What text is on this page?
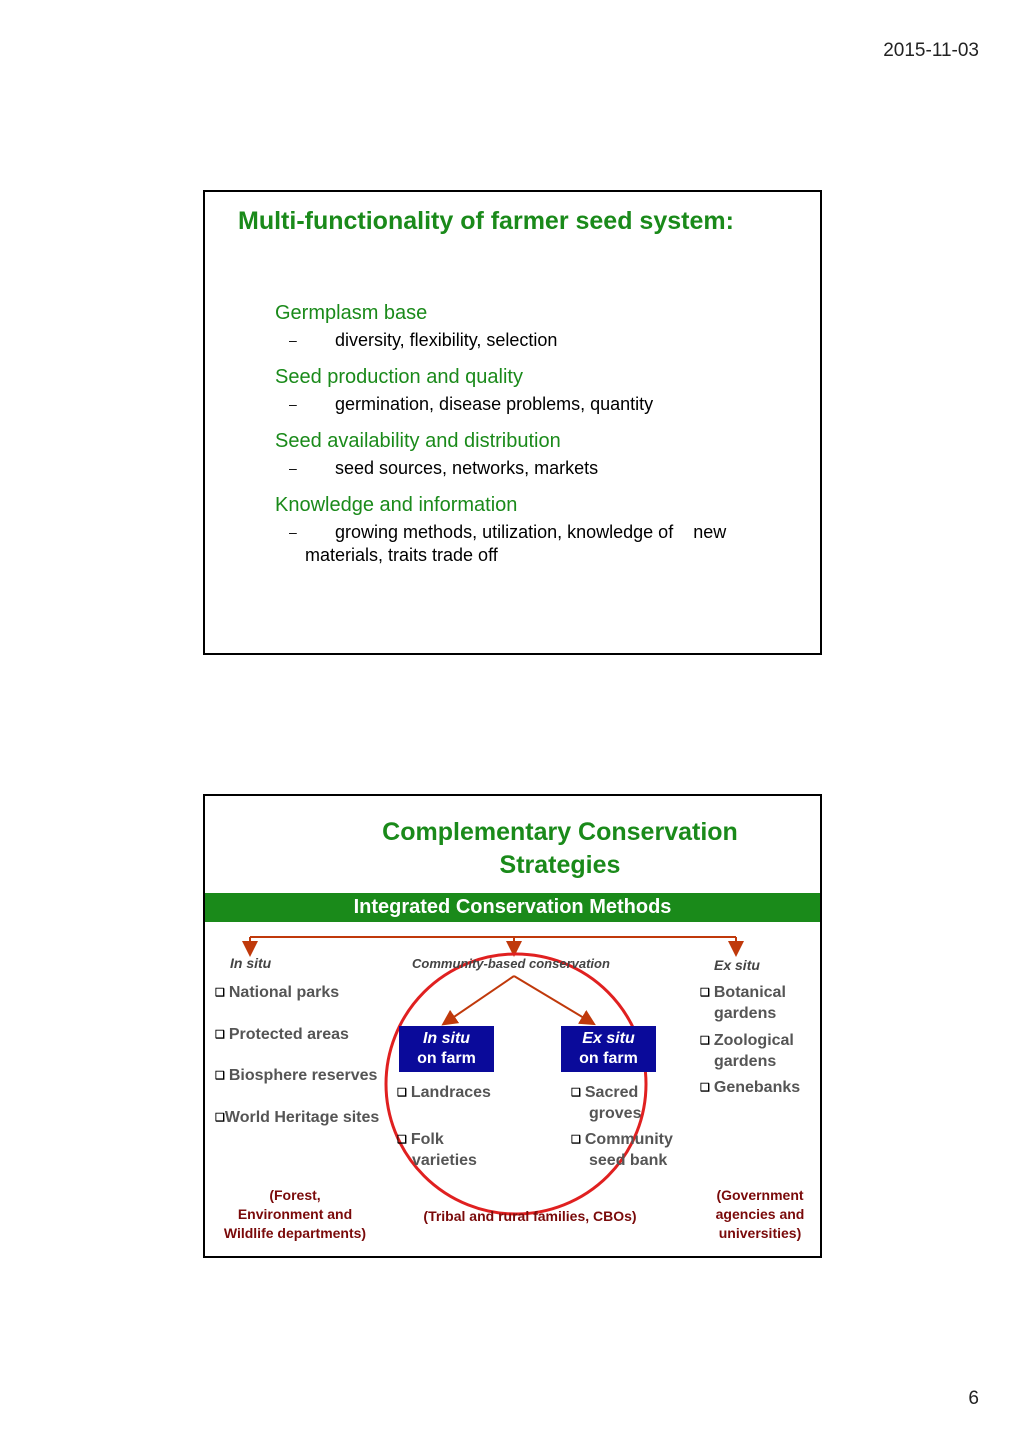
2015-11-03
Multi-functionality of farmer seed system:
Germplasm base
– diversity, flexibility, selection
Seed production and quality
– germination, disease problems, quantity
Seed availability and distribution
– seed sources, networks, markets
Knowledge and information
– growing methods, utilization, knowledge of    new
materials, traits trade off
Complementary Conservation
Strategies
Integrated Conservation Methods
In situ	Community-based conservation	Ex situ
❑ National parks
❑ Protected areas
❑ Biosphere reserves
❑World Heritage sites
In situ
on farm
Ex situ
on farm
❑ Landraces
❑ Folk
varieties
❑ Sacred
groves
❑ Community
seed bank
❑ Botanical
gardens
❑ Zoological
gardens
❑ Genebanks
(Forest,
Environment and
Wildlife departments)
(Tribal and rural families, CBOs)
(Government
agencies and
universities)
6
